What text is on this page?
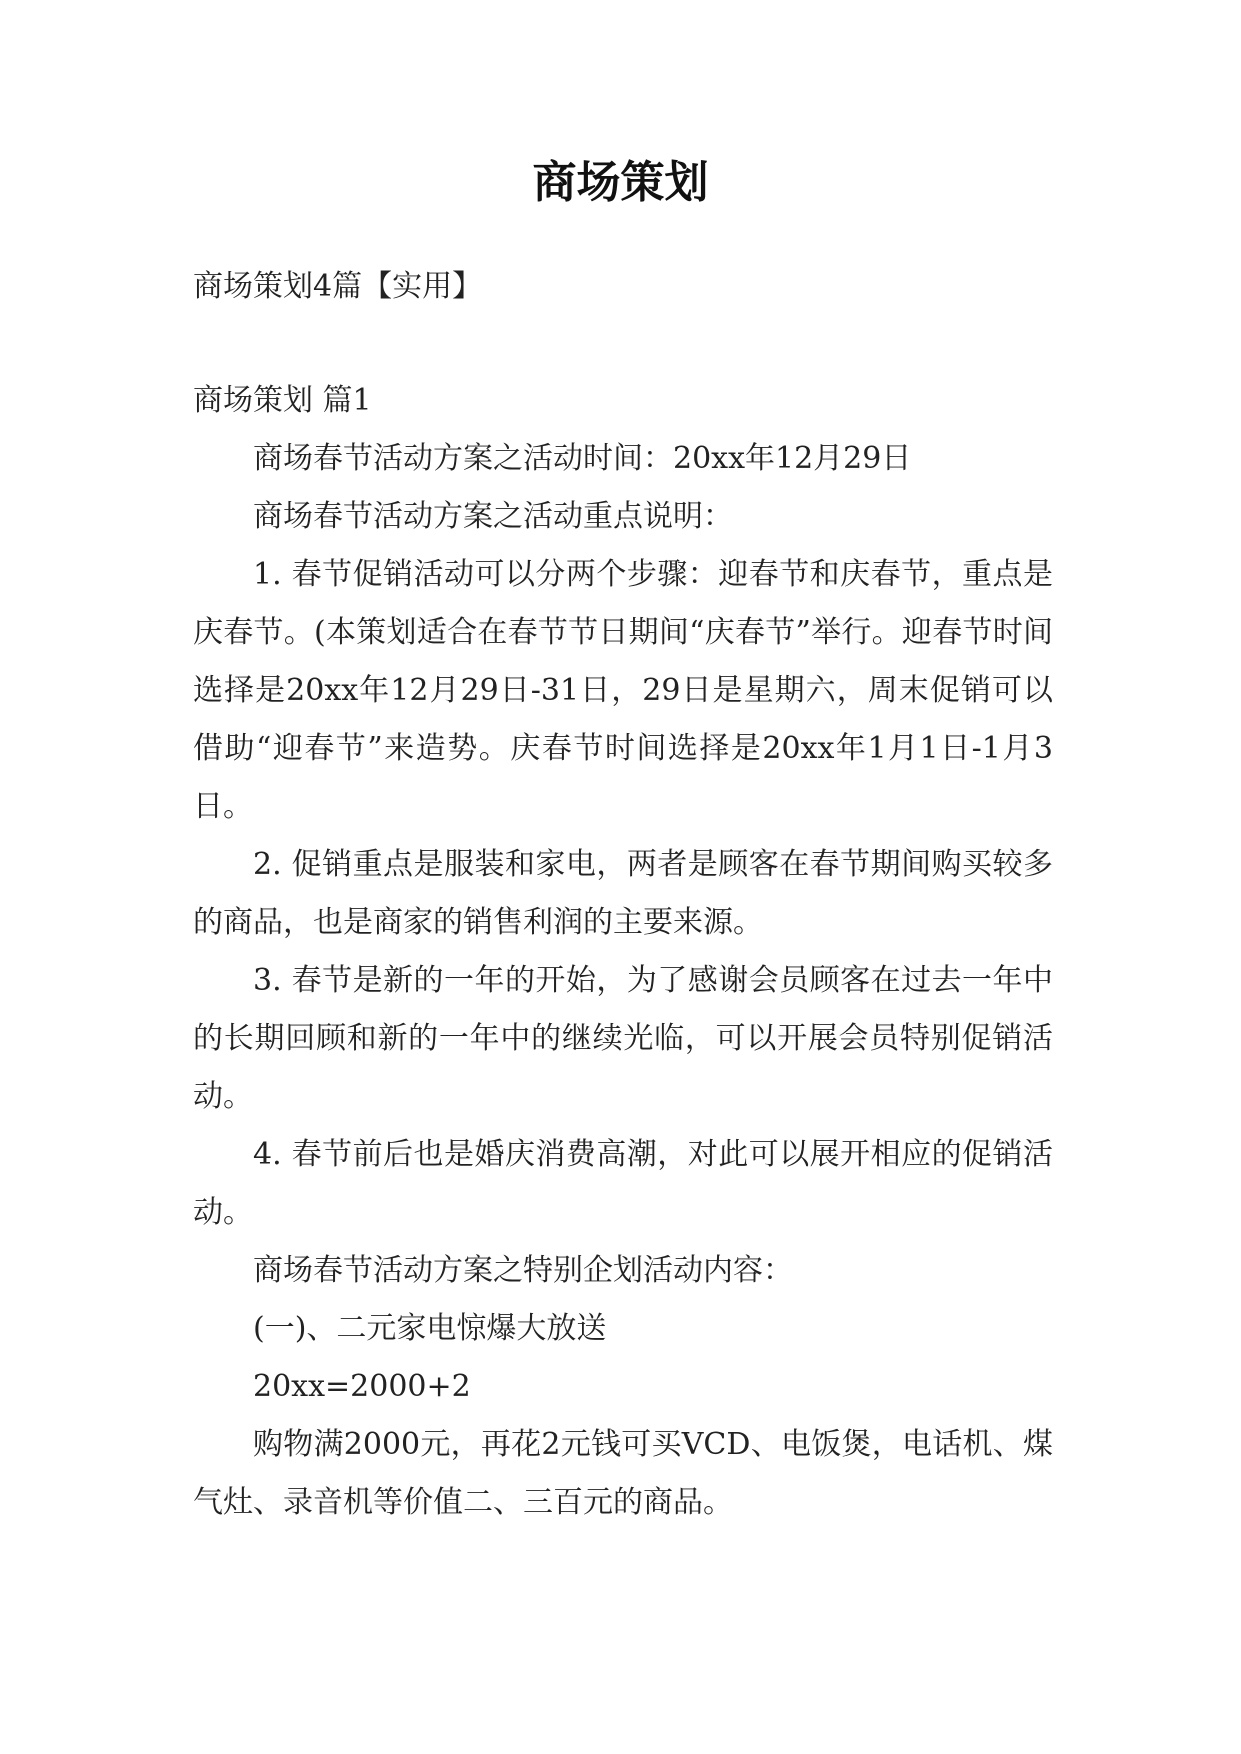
商场策划

商场策划4篇【实用】

商场策划 篇1

商场春节活动方案之活动时间：20xx年12月29日

商场春节活动方案之活动重点说明：

1. 春节促销活动可以分两个步骤：迎春节和庆春节，重点是庆春节。(本策划适合在春节节日期间“庆春节”举行。迎春节时间选择是20xx年12月29日-31日，29日是星期六，周末促销可以借助“迎春节”来造势。庆春节时间选择是20xx年1月1日-1月3日。

2. 促销重点是服装和家电，两者是顾客在春节期间购买较多的商品，也是商家的销售利润的主要来源。

3. 春节是新的一年的开始，为了感谢会员顾客在过去一年中的长期回顾和新的一年中的继续光临，可以开展会员特别促销活动。

4. 春节前后也是婚庆消费高潮，对此可以展开相应的促销活动。

商场春节活动方案之特别企划活动内容：

(一)、二元家电惊爆大放送

20xx=2000+2

购物满2000元，再花2元钱可买VCD、电饭煲，电话机、煤气灶、录音机等价值二、三百元的商品。
